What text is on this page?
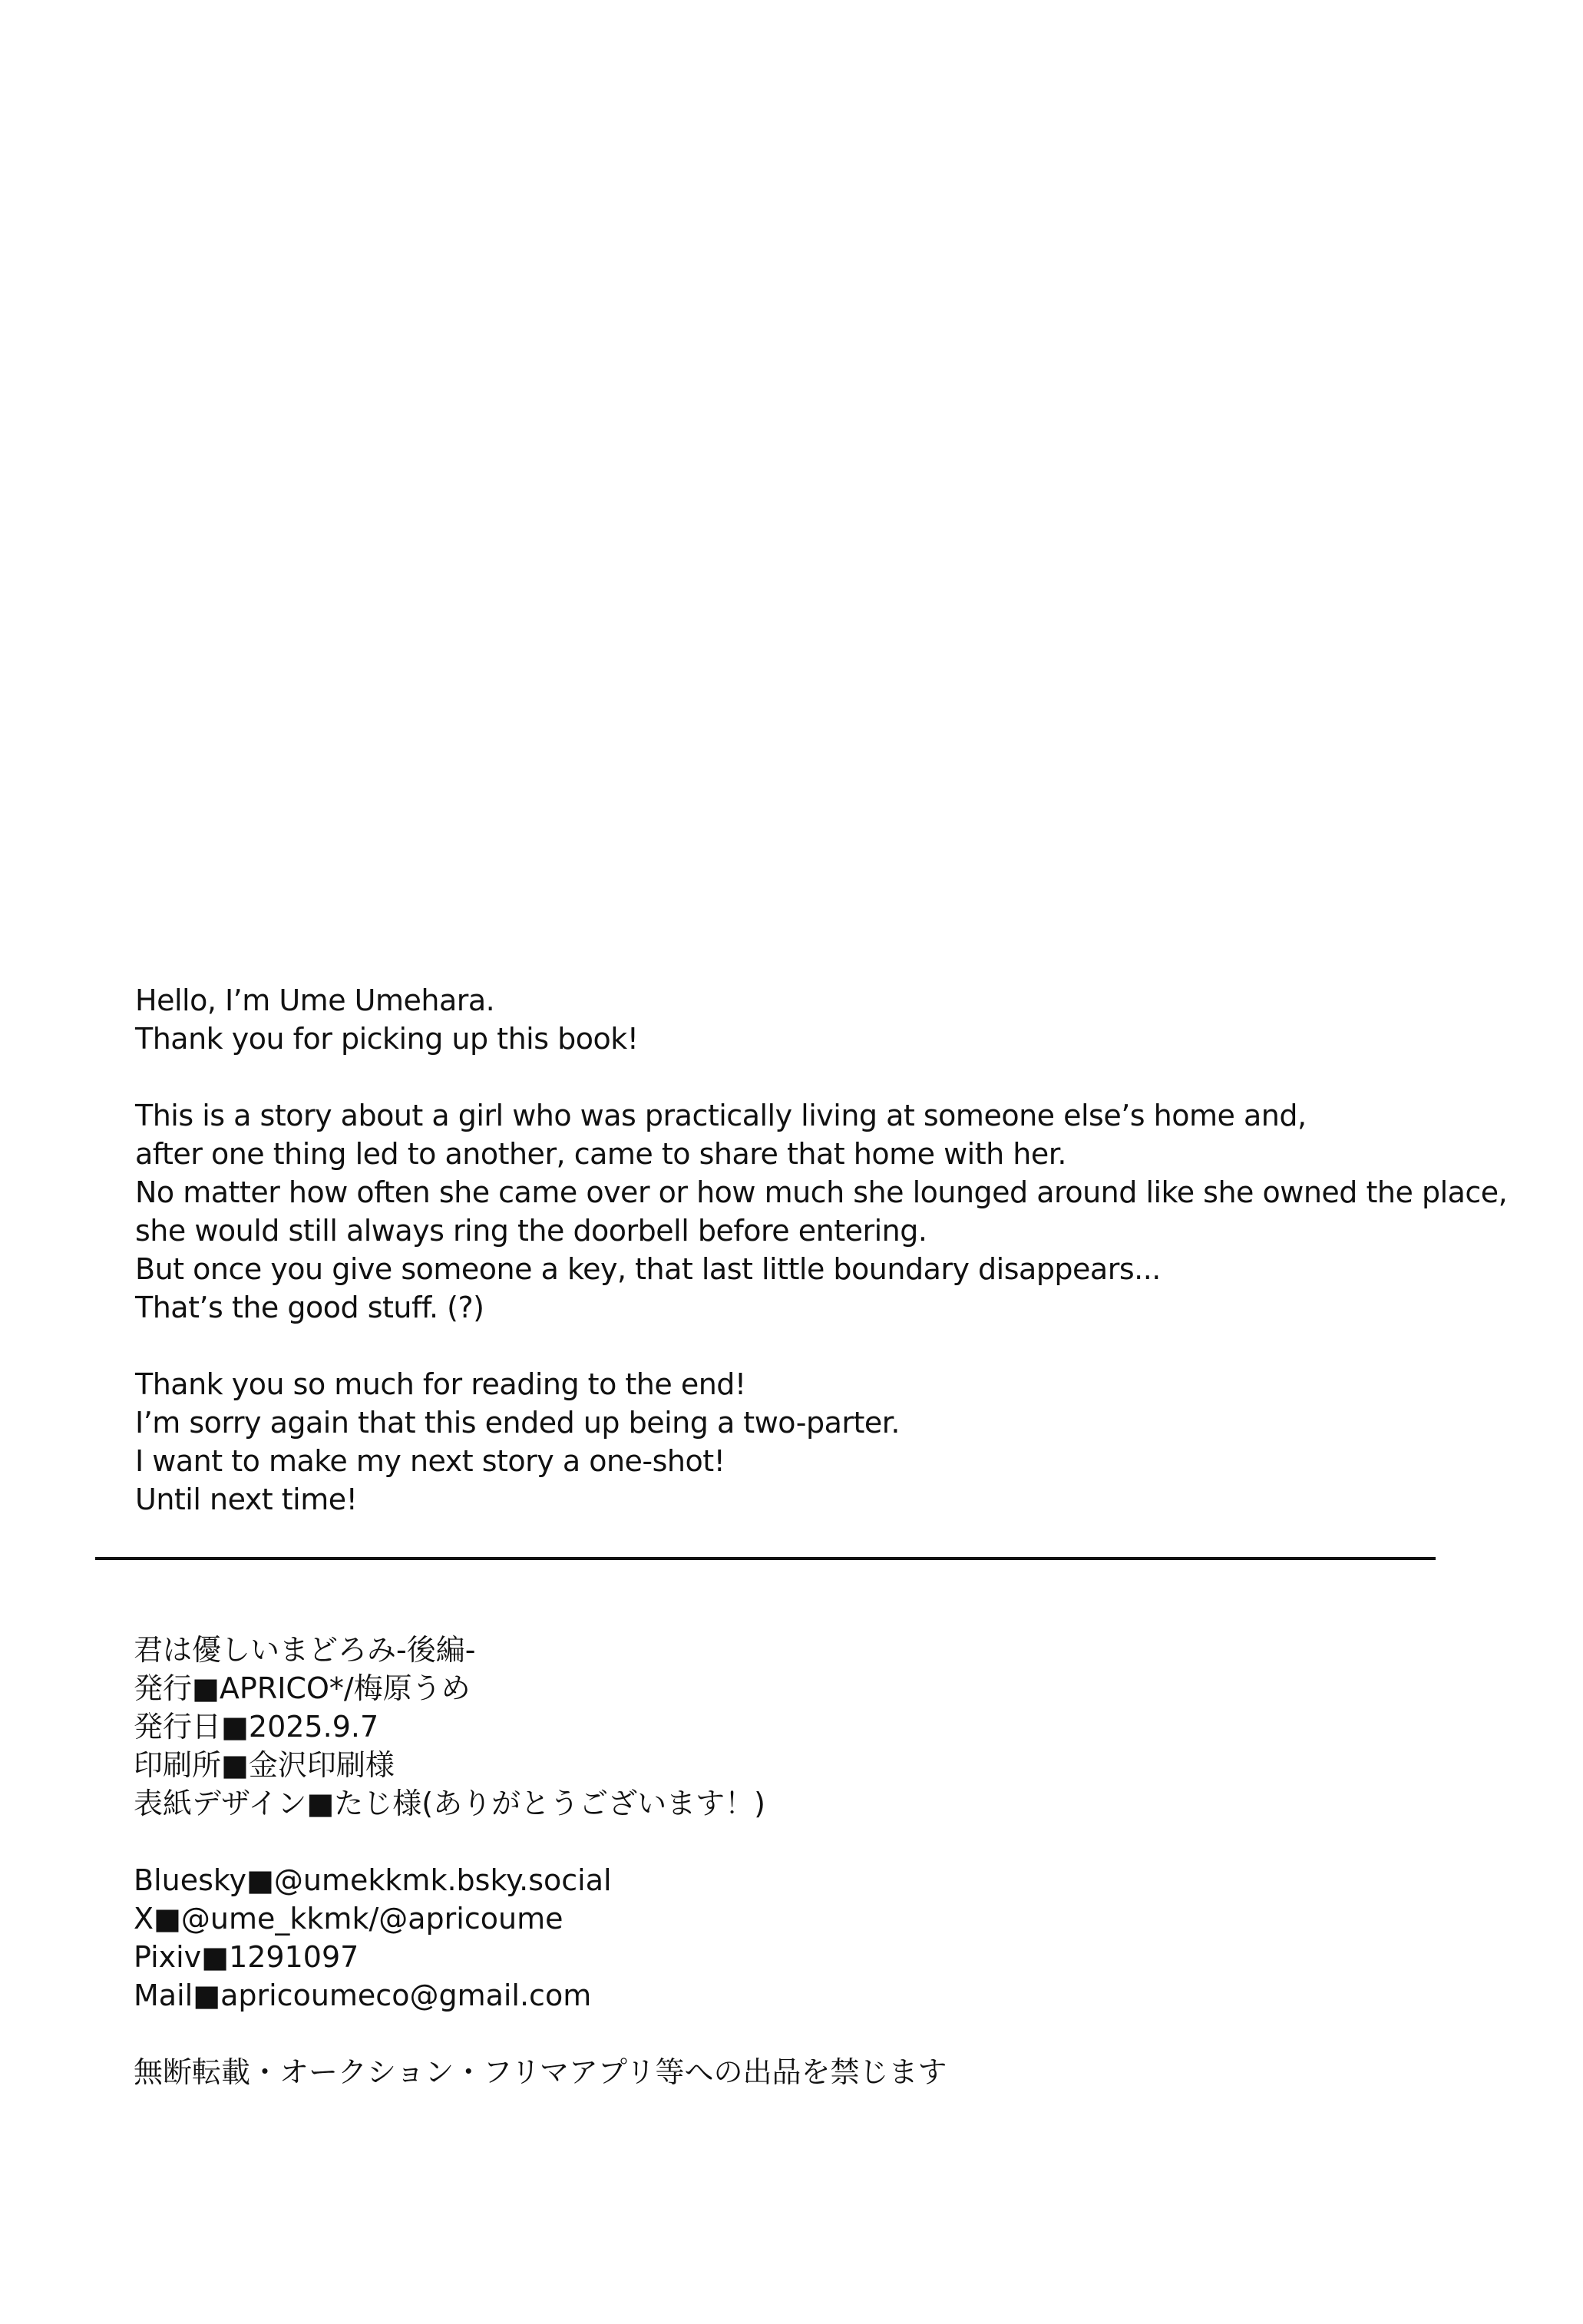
Hello, I’m Ume Umehara.
Thank you for picking up this book!
This is a story about a girl who was practically living at someone else’s home and,
after one thing led to another, came to share that home with her.
No matter how often she came over or how much she lounged around like she owned the place,
she would still always ring the doorbell before entering.
But once you give someone a key, that last little boundary disappears...
That’s the good stuff. (?)
Thank you so much for reading to the end!
I’m sorry again that this ended up being a two-parter.
I want to make my next story a one-shot!
Until next time!
君は優しいまどろみ-後編-
発行■APRICO*/梅原うめ
発行日■2025.9.7
印刷所■金沢印刷様
表紙デザイン■たじ様(ありがとうございます！)
Bluesky■@umekkmk.bsky.social
X■@ume_kkmk/@apricoume
Pixiv■1291097
Mail■apricoumeco@gmail.com
無断転載・オークション・フリマアプリ等への出品を禁じます
